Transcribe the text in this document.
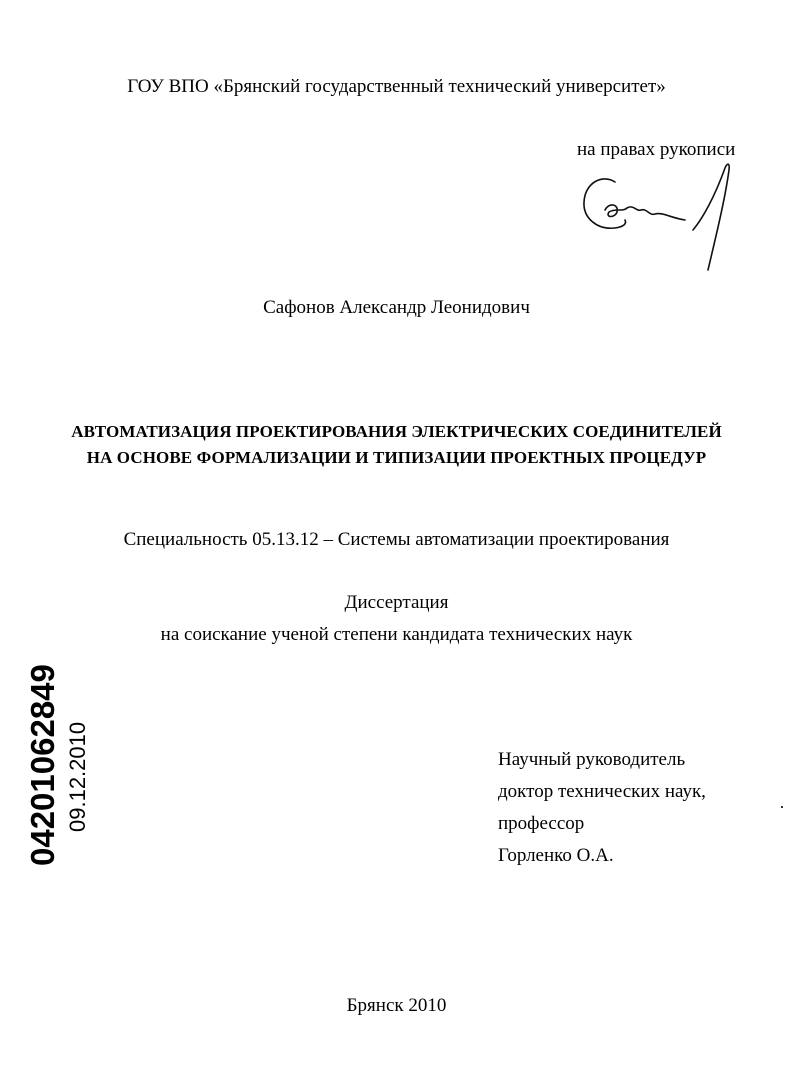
ГОУ ВПО «Брянский государственный технический университет»
на правах рукописи
Сафонов Александр Леонидович
АВТОМАТИЗАЦИЯ ПРОЕКТИРОВАНИЯ ЭЛЕКТРИЧЕСКИХ СОЕДИНИТЕЛЕЙ
НА ОСНОВЕ ФОРМАЛИЗАЦИИ И ТИПИЗАЦИИ ПРОЕКТНЫХ ПРОЦЕДУР
Специальность 05.13.12 – Системы автоматизации проектирования
Диссертация
на соискание ученой степени кандидата технических наук
Научный руководитель
доктор технических наук,
профессор
Горленко О.А.
Брянск 2010
04201062849 09.12.2010
